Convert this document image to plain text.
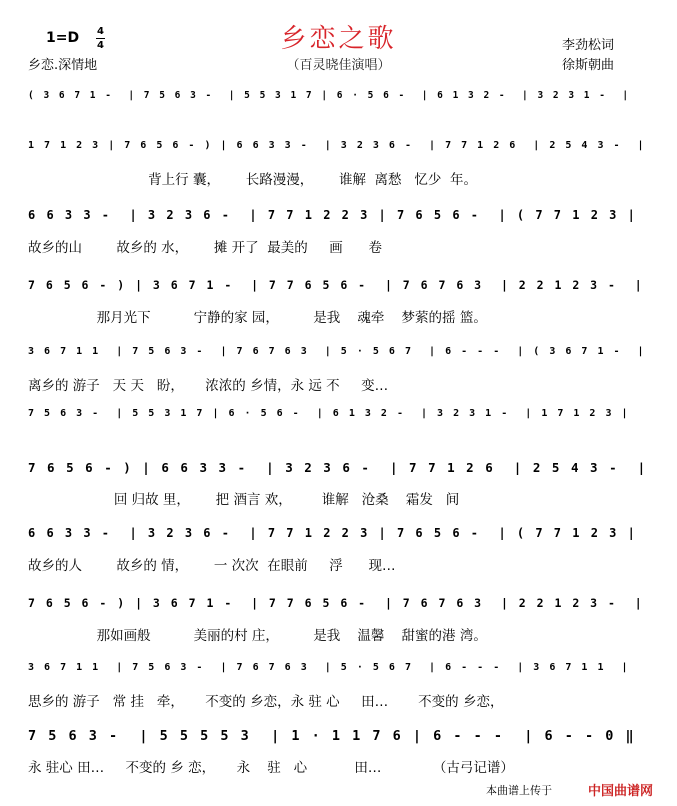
乡恋之歌
（百灵晓佳演唱）
1=D 4
4
乡恋.深情地
李劲松词
徐斯朝曲
( 3 6 7 1 -  | 7 5 6 3 -  | 5 5 3 1 7 | 6 · 5 6 -  | 6 1 3 2 -  | 3 2 3 1 -  |
1 7 1 2 3 | 7 6 5 6 - ) | 6 6 3 3 -  | 3 2 3 6 -  | 7 7 1 2 6  | 2 5 4 3 -  |
背上行 囊，      长路漫漫，      谁解  离愁   忆少  年。
6 6 3 3 -  | 3 2 3 6 -  | 7 7 1 2 2 3 | 7 6 5 6 -  | ( 7 7 1 2 3 |
故乡的山        故乡的 水，      摊 开了  最美的     画      卷
7 6 5 6 - ) | 3 6 7 1 -  | 7 7 6 5 6 -  | 7 6 7 6 3  | 2 2 1 2 3 -  |
那月光下          宁静的家 园，        是我    魂牵    梦萦的摇 篮。
3 6 7 1 1  | 7 5 6 3 -  | 7 6 7 6 3  | 5 · 5 6 7  | 6 - - -  | ( 3 6 7 1 -  |
离乡的 游子   天 天   盼，     浓浓的 乡情，永 远 不     变…
7 5 6 3 -  | 5 5 3 1 7 | 6 · 5 6 -  | 6 1 3 2 -  | 3 2 3 1 -  | 1 7 1 2 3 |
7 6 5 6 - ) | 6 6 3 3 -  | 3 2 3 6 -  | 7 7 1 2 6  | 2 5 4 3 -  |
回 归故 里，      把 酒言 欢，       谁解   沧桑    霜发   间
6 6 3 3 -  | 3 2 3 6 -  | 7 7 1 2 2 3 | 7 6 5 6 -  | ( 7 7 1 2 3 |
故乡的人        故乡的 情，      一 次次  在眼前     浮      现…
7 6 5 6 - ) | 3 6 7 1 -  | 7 7 6 5 6 -  | 7 6 7 6 3  | 2 2 1 2 3 -  |
那如画般          美丽的村 庄，        是我    温馨    甜蜜的港 湾。
3 6 7 1 1  | 7 5 6 3 -  | 7 6 7 6 3  | 5 · 5 6 7  | 6 - - -  | 3 6 7 1 1  |
思乡的 游子   常 挂   牵，     不变的 乡恋，永 驻 心     田…       不变的 乡恋，
7 5 6 3 -  | 5 5 5 5 3  | 1 · 1 1 7 6 | 6 - - -  | 6 - - 0 ‖
永 驻心 田…     不变的 乡 恋，     永    驻   心           田…            （古弓记谱）
本曲谱上传于	中国曲谱网
